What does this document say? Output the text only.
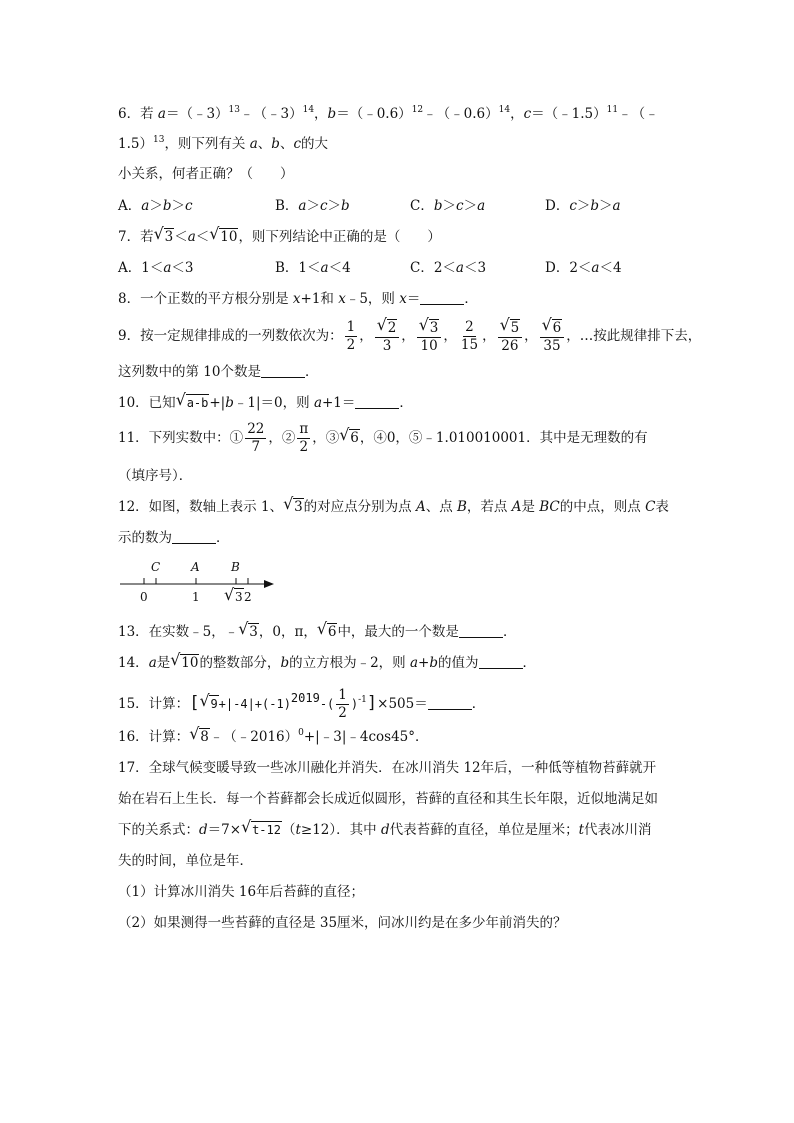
6．若 a＝（﹣3）$^{13}$﹣（﹣3）$^{14}$，b＝（﹣0.6）$^{12}$﹣（﹣0.6）$^{14}$，c＝（﹣1.5）$^{11}$﹣（﹣
1.5）$^{13}$，则下列有关 a、b、c的大
小关系，何者正确？（　　）
A．a＞b＞c	B．a＞c＞b	C．b＞c＞a	D．c＞b＞a
7．若 √ 3＜a＜ √ 10，则下列结论中正确的是（　　）
A．1＜a＜3	B．1＜a＜4	C．2＜a＜3	D．2＜a＜4
8．一个正数的平方根分别是 x+1和 x﹣5，则 x＝	．
9．按一定规律排成的一列数依次为： $\frac{1}{2}$ ， √ $\frac{2}{3}$ ， √ $\frac{3}{10}$ ， $\frac{2}{15}$ ， √ $\frac{5}{26}$ ， √ $\frac{6}{35}$ ，…按此规律排下去，
这列数中的第 10个数是	．
10．已知 √ a-b+|b﹣1|＝0，则 a+1＝	．
11．下列实数中：① $\frac{22}{7}$ ，② $\frac{\pi}{2}$ ，③ √ 6，④0，⑤﹣1.010010001．其中是无理数的有
（填序号）．
12．如图，数轴上表示 1、 √ 3的对应点分别为点 A、点 B，若点 A是 BC的中点，则点 C表
示的数为	．
C	A	B
0	1	3 2
13．在实数﹣5，﹣ √ 3，0，π， √ 6中，最大的一个数是	．
14．a是 √ 10的整数部分，b的立方根为﹣2，则 a+b的值为	．
15．计算：[ √ $9+|-4|+(-1)^{2019}-( \frac{1}{2} )^{-1}]\times 505=$	．
16．计算： √ 8﹣（﹣2016）$^0$+|﹣3|﹣4cos45°．
17．全球气候变暖导致一些冰川融化并消失．在冰川消失 12年后，一种低等植物苔藓就开
始在岩石上生长．每一个苔藓都会长成近似圆形，苔藓的直径和其生长年限，近似地满足如
下的关系式：d＝7× √ t-12（t≥12）．其中 d代表苔藓的直径，单位是厘米；t代表冰川消
失的时间，单位是年．
（1）计算冰川消失 16年后苔藓的直径；
（2）如果测得一些苔藓的直径是 35厘米，问冰川约是在多少年前消失的？
